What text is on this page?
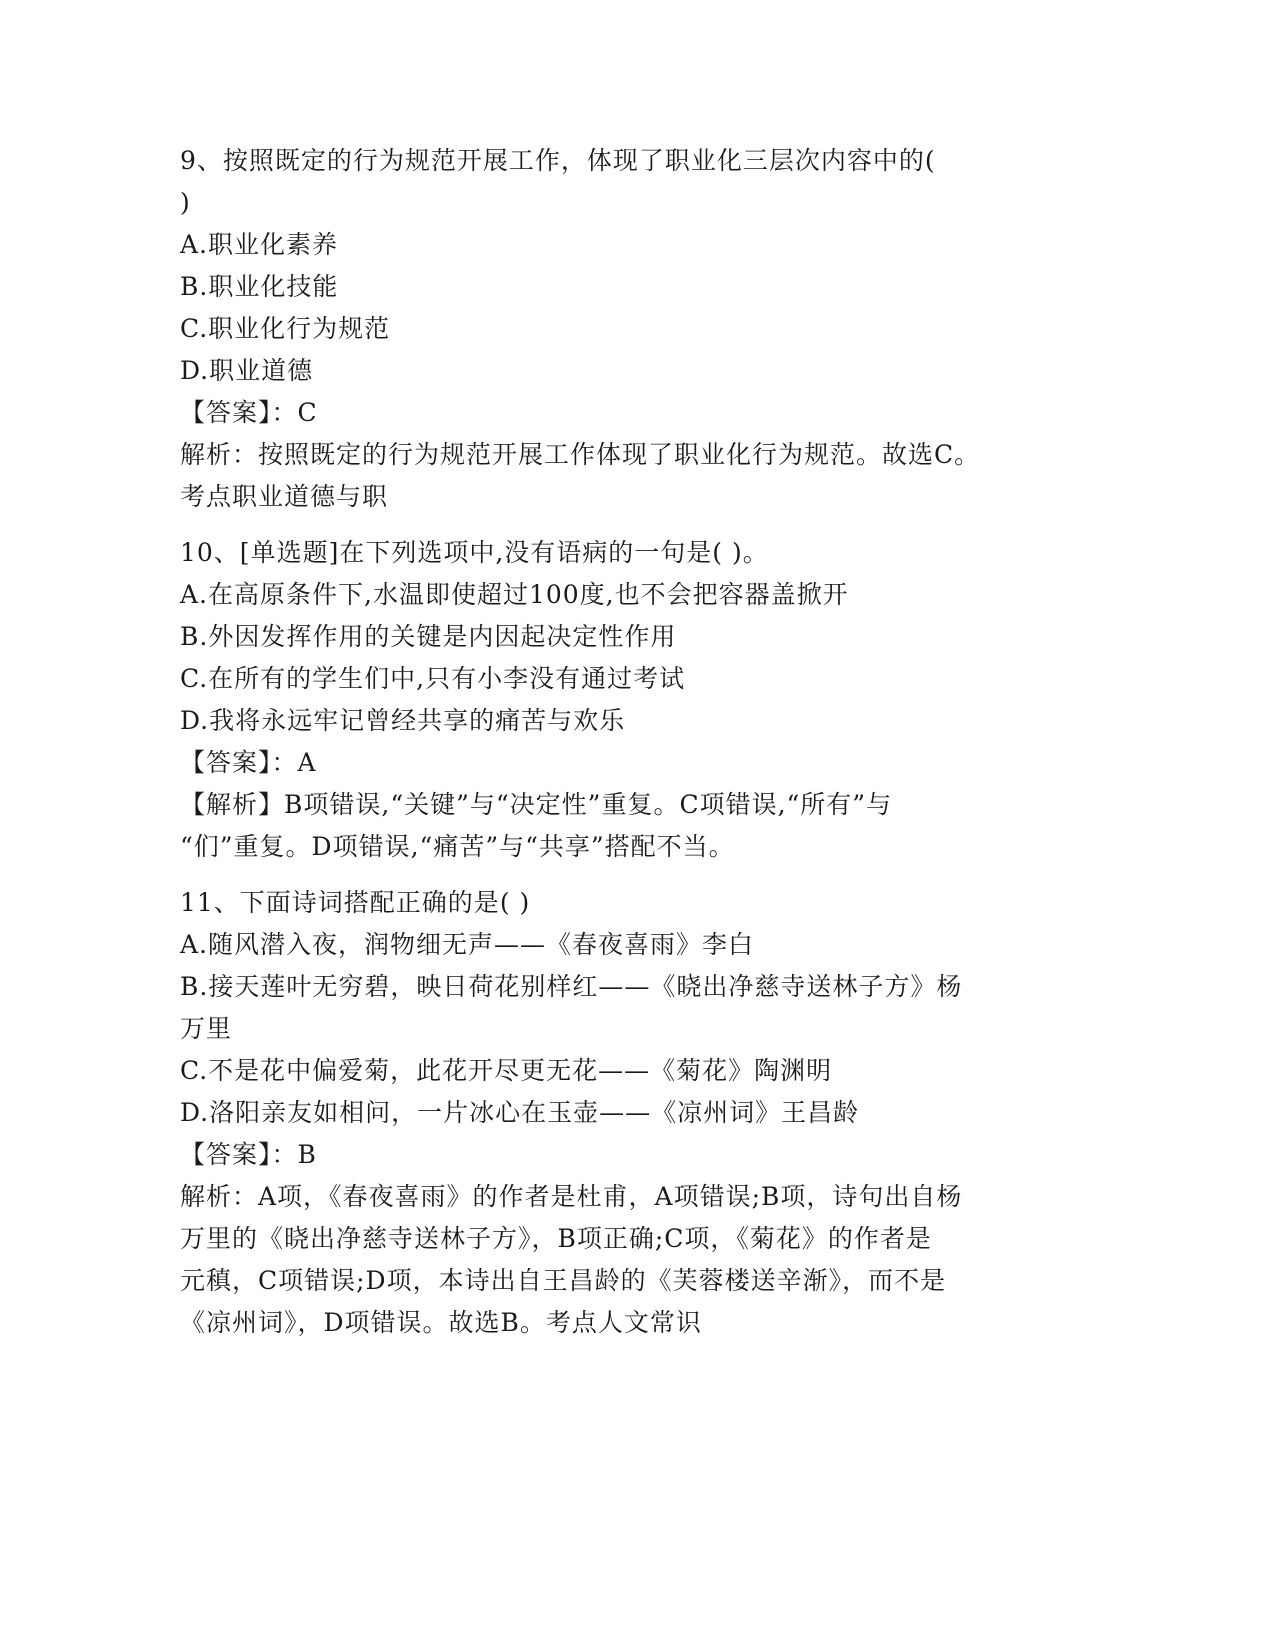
9、按照既定的行为规范开展工作，体现了职业化三层次内容中的(
)
A.职业化素养
B.职业化技能
C.职业化行为规范
D.职业道德
【答案】：C
解析：按照既定的行为规范开展工作体现了职业化行为规范。故选C。
考点职业道德与职
10、[单选题]在下列选项中,没有语病的一句是( )。
A.在高原条件下,水温即使超过100度,也不会把容器盖掀开
B.外因发挥作用的关键是内因起决定性作用
C.在所有的学生们中,只有小李没有通过考试
D.我将永远牢记曾经共享的痛苦与欢乐
【答案】：A
【解析】B项错误,“关键”与“决定性”重复。C项错误,“所有”与
“们”重复。D项错误,“痛苦”与“共享”搭配不当。
11、下面诗词搭配正确的是( )
A.随风潜入夜，润物细无声——《春夜喜雨》李白
B.接天莲叶无穷碧，映日荷花别样红——《晓出净慈寺送林子方》杨
万里
C.不是花中偏爱菊，此花开尽更无花——《菊花》陶渊明
D.洛阳亲友如相问，一片冰心在玉壶——《凉州词》王昌龄
【答案】：B
解析：A项，《春夜喜雨》的作者是杜甫，A项错误;B项，诗句出自杨
万里的《晓出净慈寺送林子方》，B项正确;C项，《菊花》的作者是
元稹，C项错误;D项，本诗出自王昌龄的《芙蓉楼送辛渐》，而不是
《凉州词》，D项错误。故选B。考点人文常识
